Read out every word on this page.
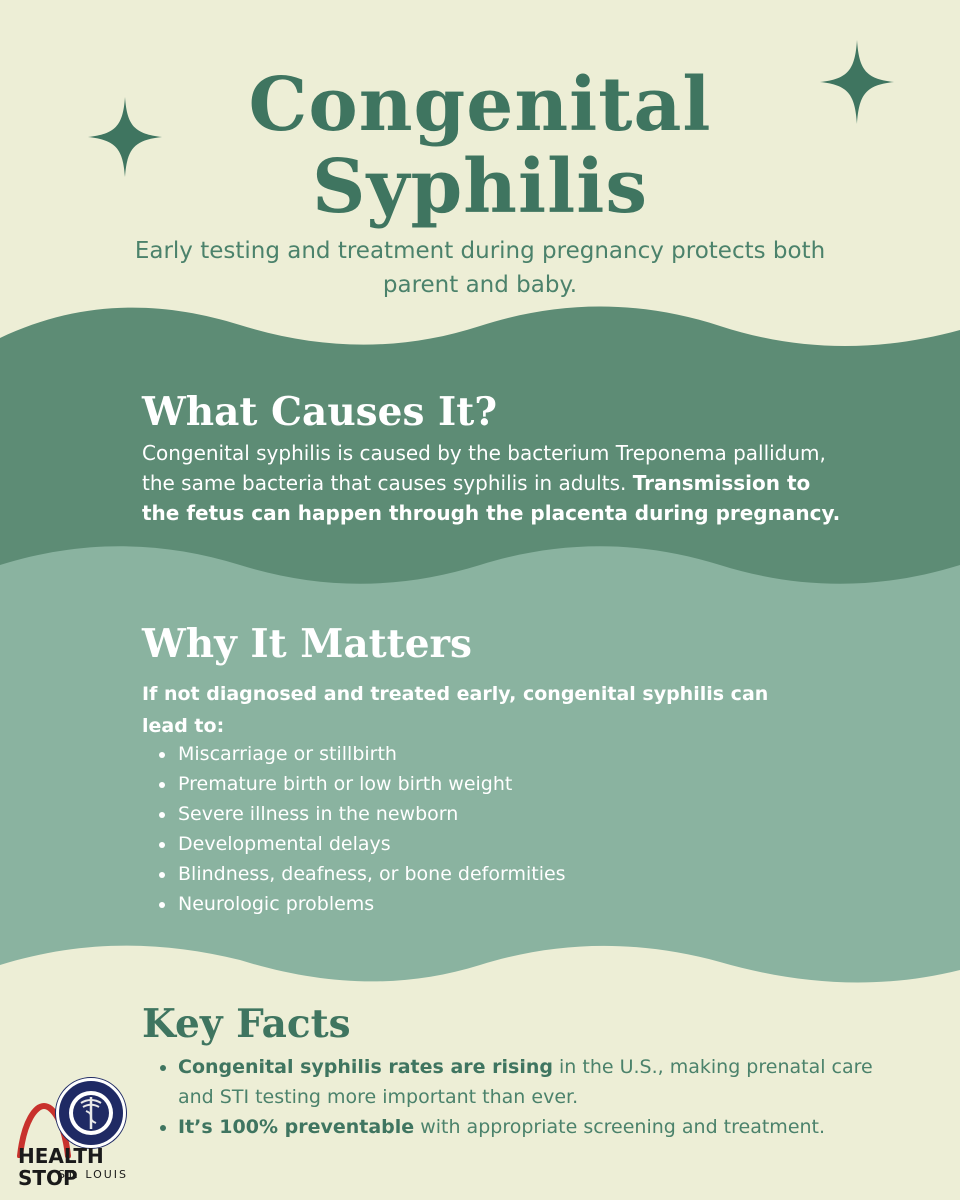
Congenital
Syphilis
Early testing and treatment during pregnancy protects both parent and baby.
What Causes It?
Congenital syphilis is caused by the bacterium Treponema pallidum, the same bacteria that causes syphilis in adults. Transmission to the fetus can happen through the placenta during pregnancy.
Why It Matters
If not diagnosed and treated early, congenital syphilis can lead to:
Miscarriage or stillbirth
Premature birth or low birth weight
Severe illness in the newborn
Developmental delays
Blindness, deafness, or bone deformities
Neurologic problems
Key Facts
Congenital syphilis rates are rising in the U.S., making prenatal care and STI testing more important than ever.
It’s 100% preventable with appropriate screening and treatment.
HEALTH STOP
ST. LOUIS
